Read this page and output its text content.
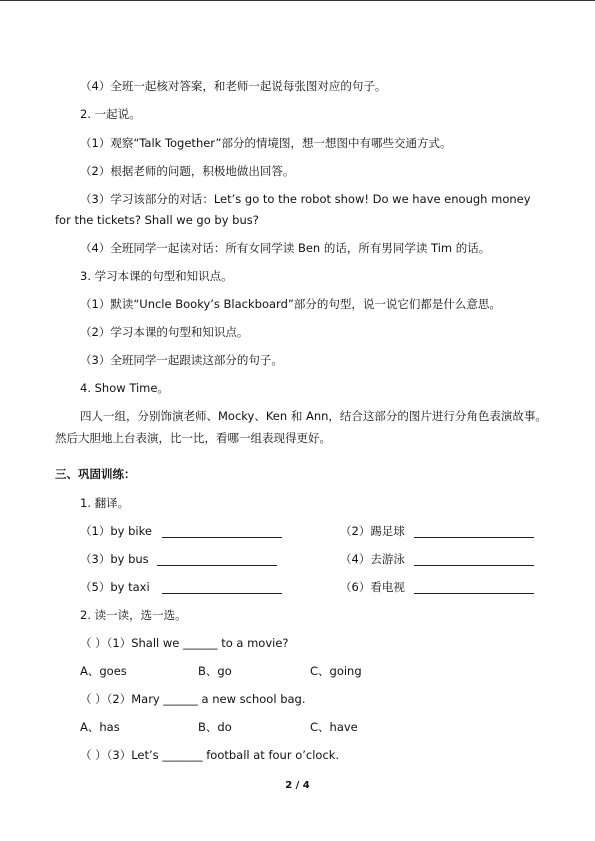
（4）全班一起核对答案，和老师一起说每张图对应的句子。
2. 一起说。
（1）观察“Talk Together”部分的情境图，想一想图中有哪些交通方式。
（2）根据老师的问题，积极地做出回答。
（3）学习该部分的对话：Let’s go to the robot show! Do we have enough money
for the tickets? Shall we go by bus?
（4）全班同学一起读对话：所有女同学读 Ben 的话，所有男同学读 Tim 的话。
3. 学习本课的句型和知识点。
（1）默读“Uncle Booky’s Blackboard”部分的句型，说一说它们都是什么意思。
（2）学习本课的句型和知识点。
（3）全班同学一起跟读这部分的句子。
4. Show Time。
四人一组，分别饰演老师、Mocky、Ken 和 Ann，结合这部分的图片进行分角色表演故事。
然后大胆地上台表演，比一比，看哪一组表现得更好。
三、巩固训练：
1. 翻译。
（1）by bike	（2）踢足球
（3）by bus	（4）去游泳
（5）by taxi	（6）看电视
2. 读一读，选一选。
（ ）（1）Shall we ______ to a movie?
A、goes	B、go	C、going
（ ）（2）Mary ______ a new school bag.
A、has	B、do	C、have
（ ）（3）Let’s _______ football at four o’clock.
2 / 4
